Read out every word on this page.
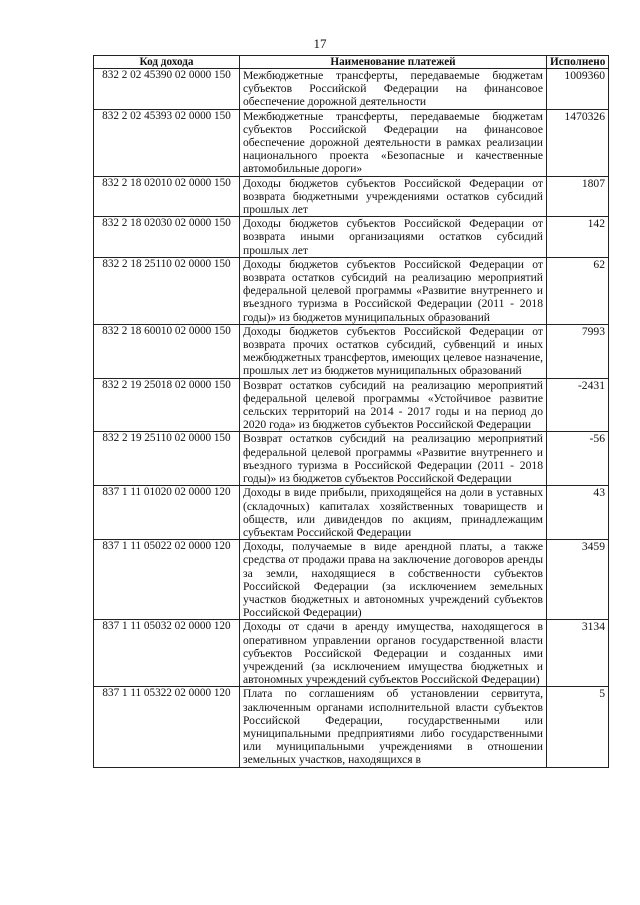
17
Код дохода	Наименование платежей	Исполнено
832 2 02 45390 02 0000 150	Межбюджетные трансферты, передаваемые бюджетам субъектов Российской Федерации на финансовое обеспечение дорожной деятельности	1009360
832 2 02 45393 02 0000 150	Межбюджетные трансферты, передаваемые бюджетам субъектов Российской Федерации на финансовое обеспечение дорожной деятельности в рамках реализации национального проекта «Безопасные и качественные автомобильные дороги»	1470326
832 2 18 02010 02 0000 150	Доходы бюджетов субъектов Российской Федерации от возврата бюджетными учреждениями остатков субсидий прошлых лет	1807
832 2 18 02030 02 0000 150	Доходы бюджетов субъектов Российской Федерации от возврата иными организациями остатков субсидий прошлых лет	142
832 2 18 25110 02 0000 150	Доходы бюджетов субъектов Российской Федерации от возврата остатков субсидий на реализацию мероприятий федеральной целевой программы «Развитие внутреннего и въездного туризма в Российской Федерации (2011 - 2018 годы)» из бюджетов муниципальных образований	62
832 2 18 60010 02 0000 150	Доходы бюджетов субъектов Российской Федерации от возврата прочих остатков субсидий, субвенций и иных межбюджетных трансфертов, имеющих целевое назначение, прошлых лет из бюджетов муниципальных образований	7993
832 2 19 25018 02 0000 150	Возврат остатков субсидий на реализацию мероприятий федеральной целевой программы «Устойчивое развитие сельских территорий на 2014 - 2017 годы и на период до 2020 года» из бюджетов субъектов Российской Федерации	-2431
832 2 19 25110 02 0000 150	Возврат остатков субсидий на реализацию мероприятий федеральной целевой программы «Развитие внутреннего и въездного туризма в Российской Федерации (2011 - 2018 годы)» из бюджетов субъектов Российской Федерации	-56
837 1 11 01020 02 0000 120	Доходы в виде прибыли, приходящейся на доли в уставных (складочных) капиталах хозяйственных товариществ и обществ, или дивидендов по акциям, принадлежащим субъектам Российской Федерации	43
837 1 11 05022 02 0000 120	Доходы, получаемые в виде арендной платы, а также средства от продажи права на заключение договоров аренды за земли, находящиеся в собственности субъектов Российской Федерации (за исключением земельных участков бюджетных и автономных учреждений субъектов Российской Федерации)	3459
837 1 11 05032 02 0000 120	Доходы от сдачи в аренду имущества, находящегося в оперативном управлении органов государственной власти субъектов Российской Федерации и созданных ими учреждений (за исключением имущества бюджетных и автономных учреждений субъектов Российской Федерации)	3134
837 1 11 05322 02 0000 120	Плата по соглашениям об установлении сервитута, заключенным органами исполнительной власти субъектов Российской Федерации, государственными или муниципальными предприятиями либо государственными или муниципальными учреждениями в отношении земельных участков, находящихся в	5
